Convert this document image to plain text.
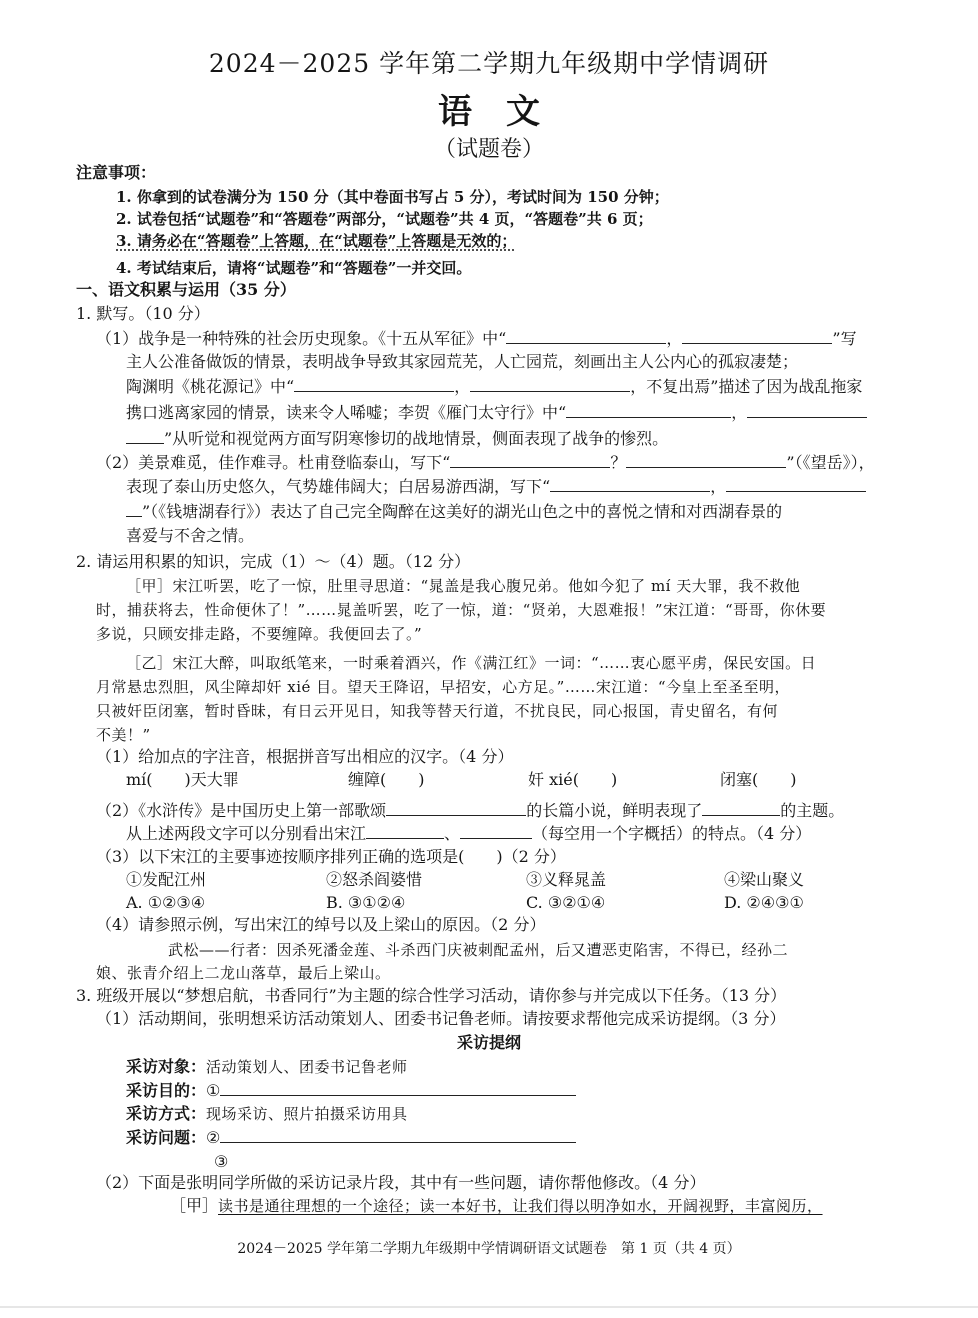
2024－2025 学年第二学期九年级期中学情调研
语　文
（试题卷）
注意事项：
1. 你拿到的试卷满分为 150 分（其中卷面书写占 5 分），考试时间为 150 分钟；
2. 试卷包括“试题卷”和“答题卷”两部分，“试题卷”共 4 页，“答题卷”共 6 页；
3. 请务必在“答题卷”上答题，在“试题卷”上答题是无效的；
4. 考试结束后，请将“试题卷”和“答题卷”一并交回。
一、语文积累与运用（35 分）
1. 默写。（10 分）
（1）战争是一种特殊的社会历史现象。《十五从军征》中“	，	”写
主人公准备做饭的情景，表明战争导致其家园荒芜，人亡园荒，刻画出主人公内心的孤寂凄楚；
陶渊明《桃花源记》中“	，	，不复出焉”描述了因为战乱拖家
携口逃离家园的情景，读来令人唏嘘；李贺《雁门太守行》中“	，
”从听觉和视觉两方面写阴寒惨切的战地情景，侧面表现了战争的惨烈。
（2）美景难觅，佳作难寻。杜甫登临泰山，写下“	？	”（《望岳》），
表现了泰山历史悠久，气势雄伟阔大；白居易游西湖，写下“	，
”（《钱塘湖春行》）表达了自己完全陶醉在这美好的湖光山色之中的喜悦之情和对西湖春景的
喜爱与不舍之情。
2. 请运用积累的知识，完成（1）～（4）题。（12 分）
［甲］宋江听罢，吃了一惊，肚里寻思道：“晁盖是我心腹兄弟。他如今犯了 mí 天大罪，我不救他
时，捕获将去，性命便休了！”……晁盖听罢，吃了一惊，道：“贤弟，大恩难报！”宋江道：“哥哥，你休要
多说，只顾安排走路，不要缠障。我便回去了。”
［乙］宋江大醉，叫取纸笔来，一时乘着酒兴，作《满江红》一词：“……衷心愿平虏，保民安国。日
月常悬忠烈胆，风尘障却奸 xié 目。望天王降诏，早招安，心方足。”……宋江道：“今皇上至圣至明，
只被奸臣闭塞，暂时昏昧，有日云开见日，知我等替天行道，不扰良民，同心报国，青史留名，有何
不美！”
（1）给加点的字注音，根据拼音写出相应的汉字。（4 分）
mí(　　)天大罪	缠障(　　)	奸 xié(　　)	闭塞(　　)
（2）《水浒传》是中国历史上第一部歌颂	的长篇小说，鲜明表现了	的主题。
从上述两段文字可以分别看出宋江	、	（每空用一个字概括）的特点。（4 分）
（3）以下宋江的主要事迹按顺序排列正确的选项是(　　)（2 分）
①发配江州	②怒杀阎婆惜	③义释晁盖	④梁山聚义
A. ①②③④	B. ③①②④	C. ③②①④	D. ②④③①
（4）请参照示例，写出宋江的绰号以及上梁山的原因。（2 分）
武松——行者：因杀死潘金莲、斗杀西门庆被刺配孟州，后又遭恶吏陷害，不得已，经孙二
娘、张青介绍上二龙山落草，最后上梁山。
3. 班级开展以“梦想启航，书香同行”为主题的综合性学习活动，请你参与并完成以下任务。（13 分）
（1）活动期间，张明想采访活动策划人、团委书记鲁老师。请按要求帮他完成采访提纲。（3 分）
采访提纲
采访对象：活动策划人、团委书记鲁老师
采访目的：①
采访方式：现场采访、照片拍摄采访用具
采访问题：②
③
（2）下面是张明同学所做的采访记录片段，其中有一些问题，请你帮他修改。（4 分）
［甲］读书是通往理想的一个途径；读一本好书，让我们得以明净如水，开阔视野，丰富阅历，
2024－2025 学年第二学期九年级期中学情调研语文试题卷　第 1 页（共 4 页）
